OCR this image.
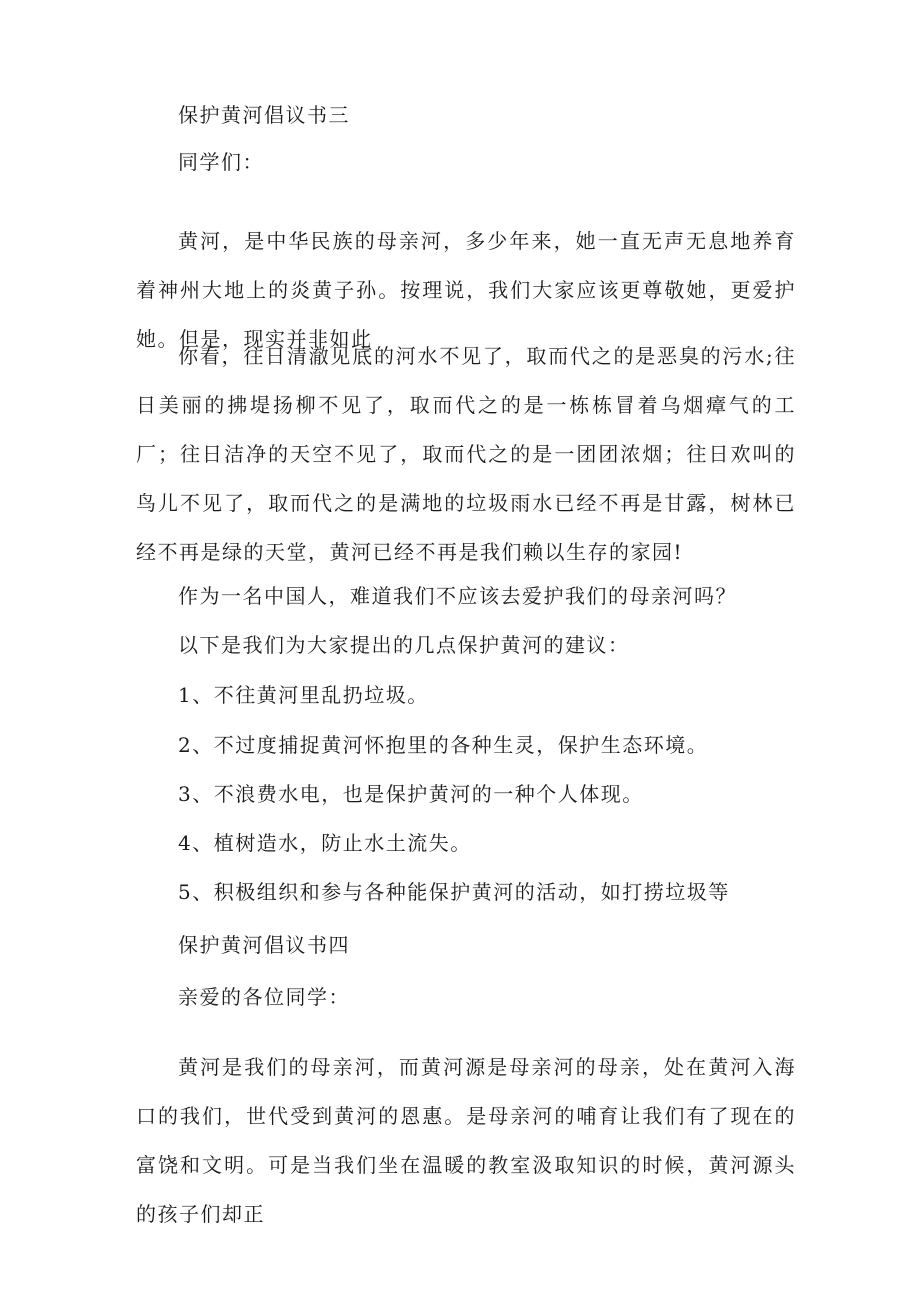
保护黄河倡议书三

同学们：

黄河，是中华民族的母亲河，多少年来，她一直无声无息地养育着神州大地上的炎黄子孙。按理说，我们大家应该更尊敬她，更爱护她。但是，现实并非如此

你看，往日清澈见底的河水不见了，取而代之的是恶臭的污水;往日美丽的拂堤扬柳不见了，取而代之的是一栋栋冒着乌烟瘴气的工厂；往日洁净的天空不见了，取而代之的是一团团浓烟；往日欢叫的鸟儿不见了，取而代之的是满地的垃圾雨水已经不再是甘露，树林已经不再是绿的天堂，黄河已经不再是我们赖以生存的家园!

作为一名中国人，难道我们不应该去爱护我们的母亲河吗？

以下是我们为大家提出的几点保护黄河的建议：

1、不往黄河里乱扔垃圾。

2、不过度捕捉黄河怀抱里的各种生灵，保护生态环境。

3、不浪费水电，也是保护黄河的一种个人体现。

4、植树造水，防止水土流失。

5、积极组织和参与各种能保护黄河的活动，如打捞垃圾等

保护黄河倡议书四

亲爱的各位同学：

黄河是我们的母亲河，而黄河源是母亲河的母亲，处在黄河入海口的我们，世代受到黄河的恩惠。是母亲河的哺育让我们有了现在的富饶和文明。可是当我们坐在温暖的教室汲取知识的时候，黄河源头的孩子们却正
